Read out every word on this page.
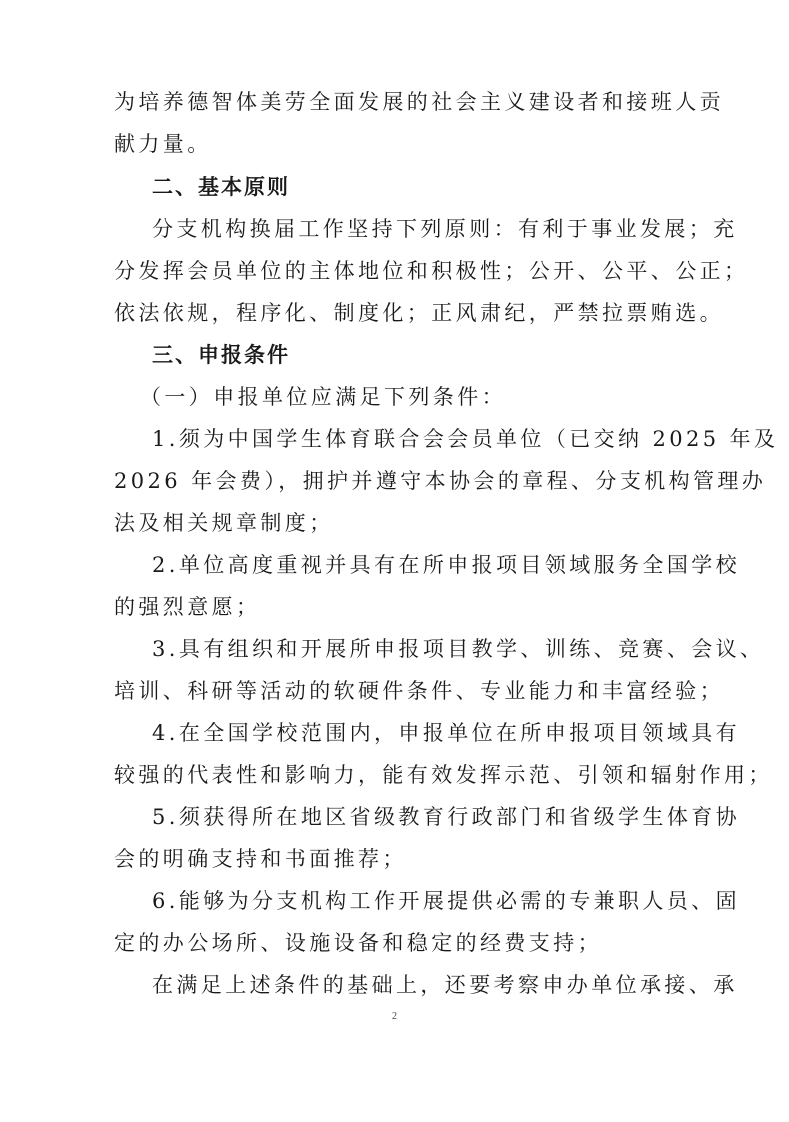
为培养德智体美劳全面发展的社会主义建设者和接班人贡
献力量。
二、基本原则
分支机构换届工作坚持下列原则：有利于事业发展；充
分发挥会员单位的主体地位和积极性；公开、公平、公正；
依法依规，程序化、制度化；正风肃纪，严禁拉票贿选。
三、申报条件
（一）申报单位应满足下列条件：
1.须为中国学生体育联合会会员单位（已交纳 2025 年及
2026 年会费），拥护并遵守本协会的章程、分支机构管理办
法及相关规章制度；
2.单位高度重视并具有在所申报项目领域服务全国学校
的强烈意愿；
3.具有组织和开展所申报项目教学、训练、竞赛、会议、
培训、科研等活动的软硬件条件、专业能力和丰富经验；
4.在全国学校范围内，申报单位在所申报项目领域具有
较强的代表性和影响力，能有效发挥示范、引领和辐射作用；
5.须获得所在地区省级教育行政部门和省级学生体育协
会的明确支持和书面推荐；
6.能够为分支机构工作开展提供必需的专兼职人员、固
定的办公场所、设施设备和稳定的经费支持；
在满足上述条件的基础上，还要考察申办单位承接、承
2
